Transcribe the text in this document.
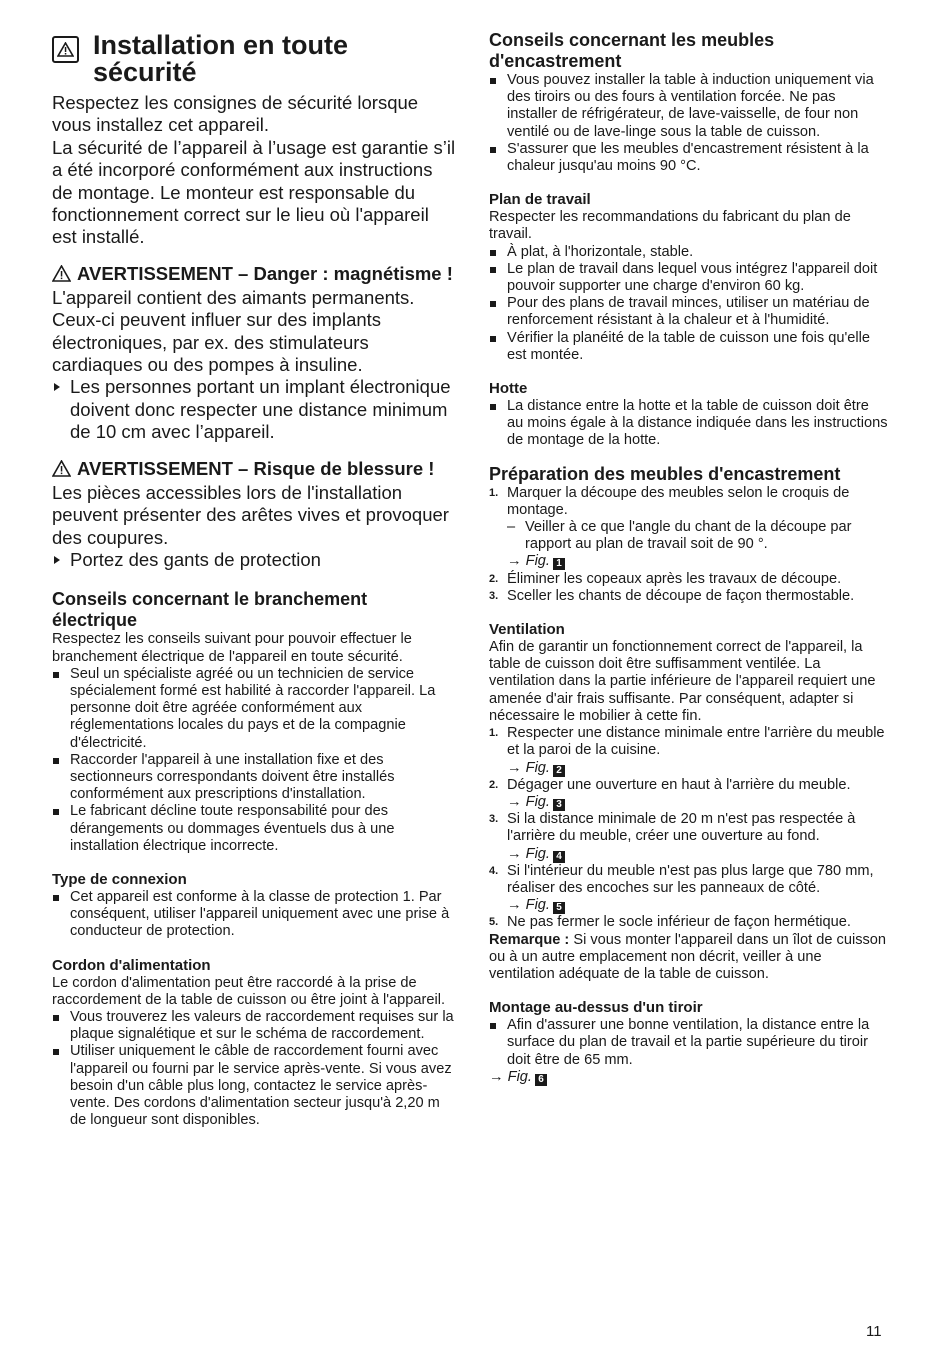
Installation en toute sécurité

Respectez les consignes de sécurité lorsque vous installez cet appareil.

La sécurité de l’appareil à l’usage est garantie s’il a été incorporé conformément aux instructions de montage. Le monteur est responsable du fonctionnement correct sur le lieu où l'appareil est installé.

AVERTISSEMENT – Danger : magnétisme !

L'appareil contient des aimants permanents. Ceux-ci peuvent influer sur des implants électroniques, par ex. des stimulateurs cardiaques ou des pompes à insuline.

Les personnes portant un implant électronique doivent donc respecter une distance minimum de 10 cm avec l’appareil.

AVERTISSEMENT – Risque de blessure !

Les pièces accessibles lors de l'installation peuvent présenter des arêtes vives et provoquer des coupures.

Portez des gants de protection

Conseils concernant le branchement électrique

Respectez les conseils suivant pour pouvoir effectuer le branchement électrique de l'appareil en toute sécurité.

Seul un spécialiste agréé ou un technicien de service spécialement formé est habilité à raccorder l'appareil. La personne doit être agréée conformément aux réglementations locales du pays et de la compagnie d'électricité.
Raccorder l'appareil à une installation fixe et des sectionneurs correspondants doivent être installés conformément aux prescriptions d'installation.
Le fabricant décline toute responsabilité pour des dérangements ou dommages éventuels dus à une installation électrique incorrecte.
Type de connexion
Cet appareil est conforme à la classe de protection 1. Par conséquent, utiliser l'appareil uniquement avec une prise à conducteur de protection.
Cordon d'alimentation

Le cordon d'alimentation peut être raccordé à la prise de raccordement de la table de cuisson ou être joint à l'appareil.

Vous trouverez les valeurs de raccordement requises sur la plaque signalétique et sur le schéma de raccordement.
Utiliser uniquement le câble de raccordement fourni avec l'appareil ou fourni par le service après-vente. Si vous avez besoin d'un câble plus long, contactez le service après-vente. Des cordons d'alimentation secteur jusqu'à 2,20 m de longueur sont disponibles.
Conseils concernant les meubles d'encastrement
Vous pouvez installer la table à induction uniquement via des tiroirs ou des fours à ventilation forcée. Ne pas installer de réfrigérateur, de lave-vaisselle, de four non ventilé ou de lave-linge sous la table de cuisson.
S'assurer que les meubles d'encastrement résistent à la chaleur jusqu'au moins 90 °C.
Plan de travail

Respecter les recommandations du fabricant du plan de travail.

À plat, à l'horizontale, stable.
Le plan de travail dans lequel vous intégrez l'appareil doit pouvoir supporter une charge d'environ 60 kg.
Pour des plans de travail minces, utiliser un matériau de renforcement résistant à la chaleur et à l'humidité.
Vérifier la planéité de la table de cuisson une fois qu'elle est montée.
Hotte
La distance entre la hotte et la table de cuisson doit être au moins égale à la distance indiquée dans les instructions de montage de la hotte.
Préparation des meubles d'encastrement
1. Marquer la découpe des meubles selon le croquis de montage.
– Veiller à ce que l'angle du chant de la découpe par rapport au plan de travail soit de 90 °.
→ Fig. 1
2. Éliminer les copeaux après les travaux de découpe.
3. Sceller les chants de découpe de façon thermostable.
Ventilation

Afin de garantir un fonctionnement correct de l'appareil, la table de cuisson doit être suffisamment ventilée. La ventilation dans la partie inférieure de l'appareil requiert une amenée d'air frais suffisante. Par conséquent, adapter si nécessaire le mobilier à cette fin.

1. Respecter une distance minimale entre l'arrière du meuble et la paroi de la cuisine.
→ Fig. 2
2. Dégager une ouverture en haut à l'arrière du meuble.
→ Fig. 3
3. Si la distance minimale de 20 m n'est pas respectée à l'arrière du meuble, créer une ouverture au fond.
→ Fig. 4
4. Si l'intérieur du meuble n'est pas plus large que 780 mm, réaliser des encoches sur les panneaux de côté.
→ Fig. 5
5. Ne pas fermer le socle inférieur de façon hermétique.

Remarque : Si vous monter l'appareil dans un îlot de cuisson ou à un autre emplacement non décrit, veiller à une ventilation adéquate de la table de cuisson.

Montage au-dessus d'un tiroir
Afin d'assurer une bonne ventilation, la distance entre la surface du plan de travail et la partie supérieure du tiroir doit être de 65 mm.
→ Fig. 6
11
